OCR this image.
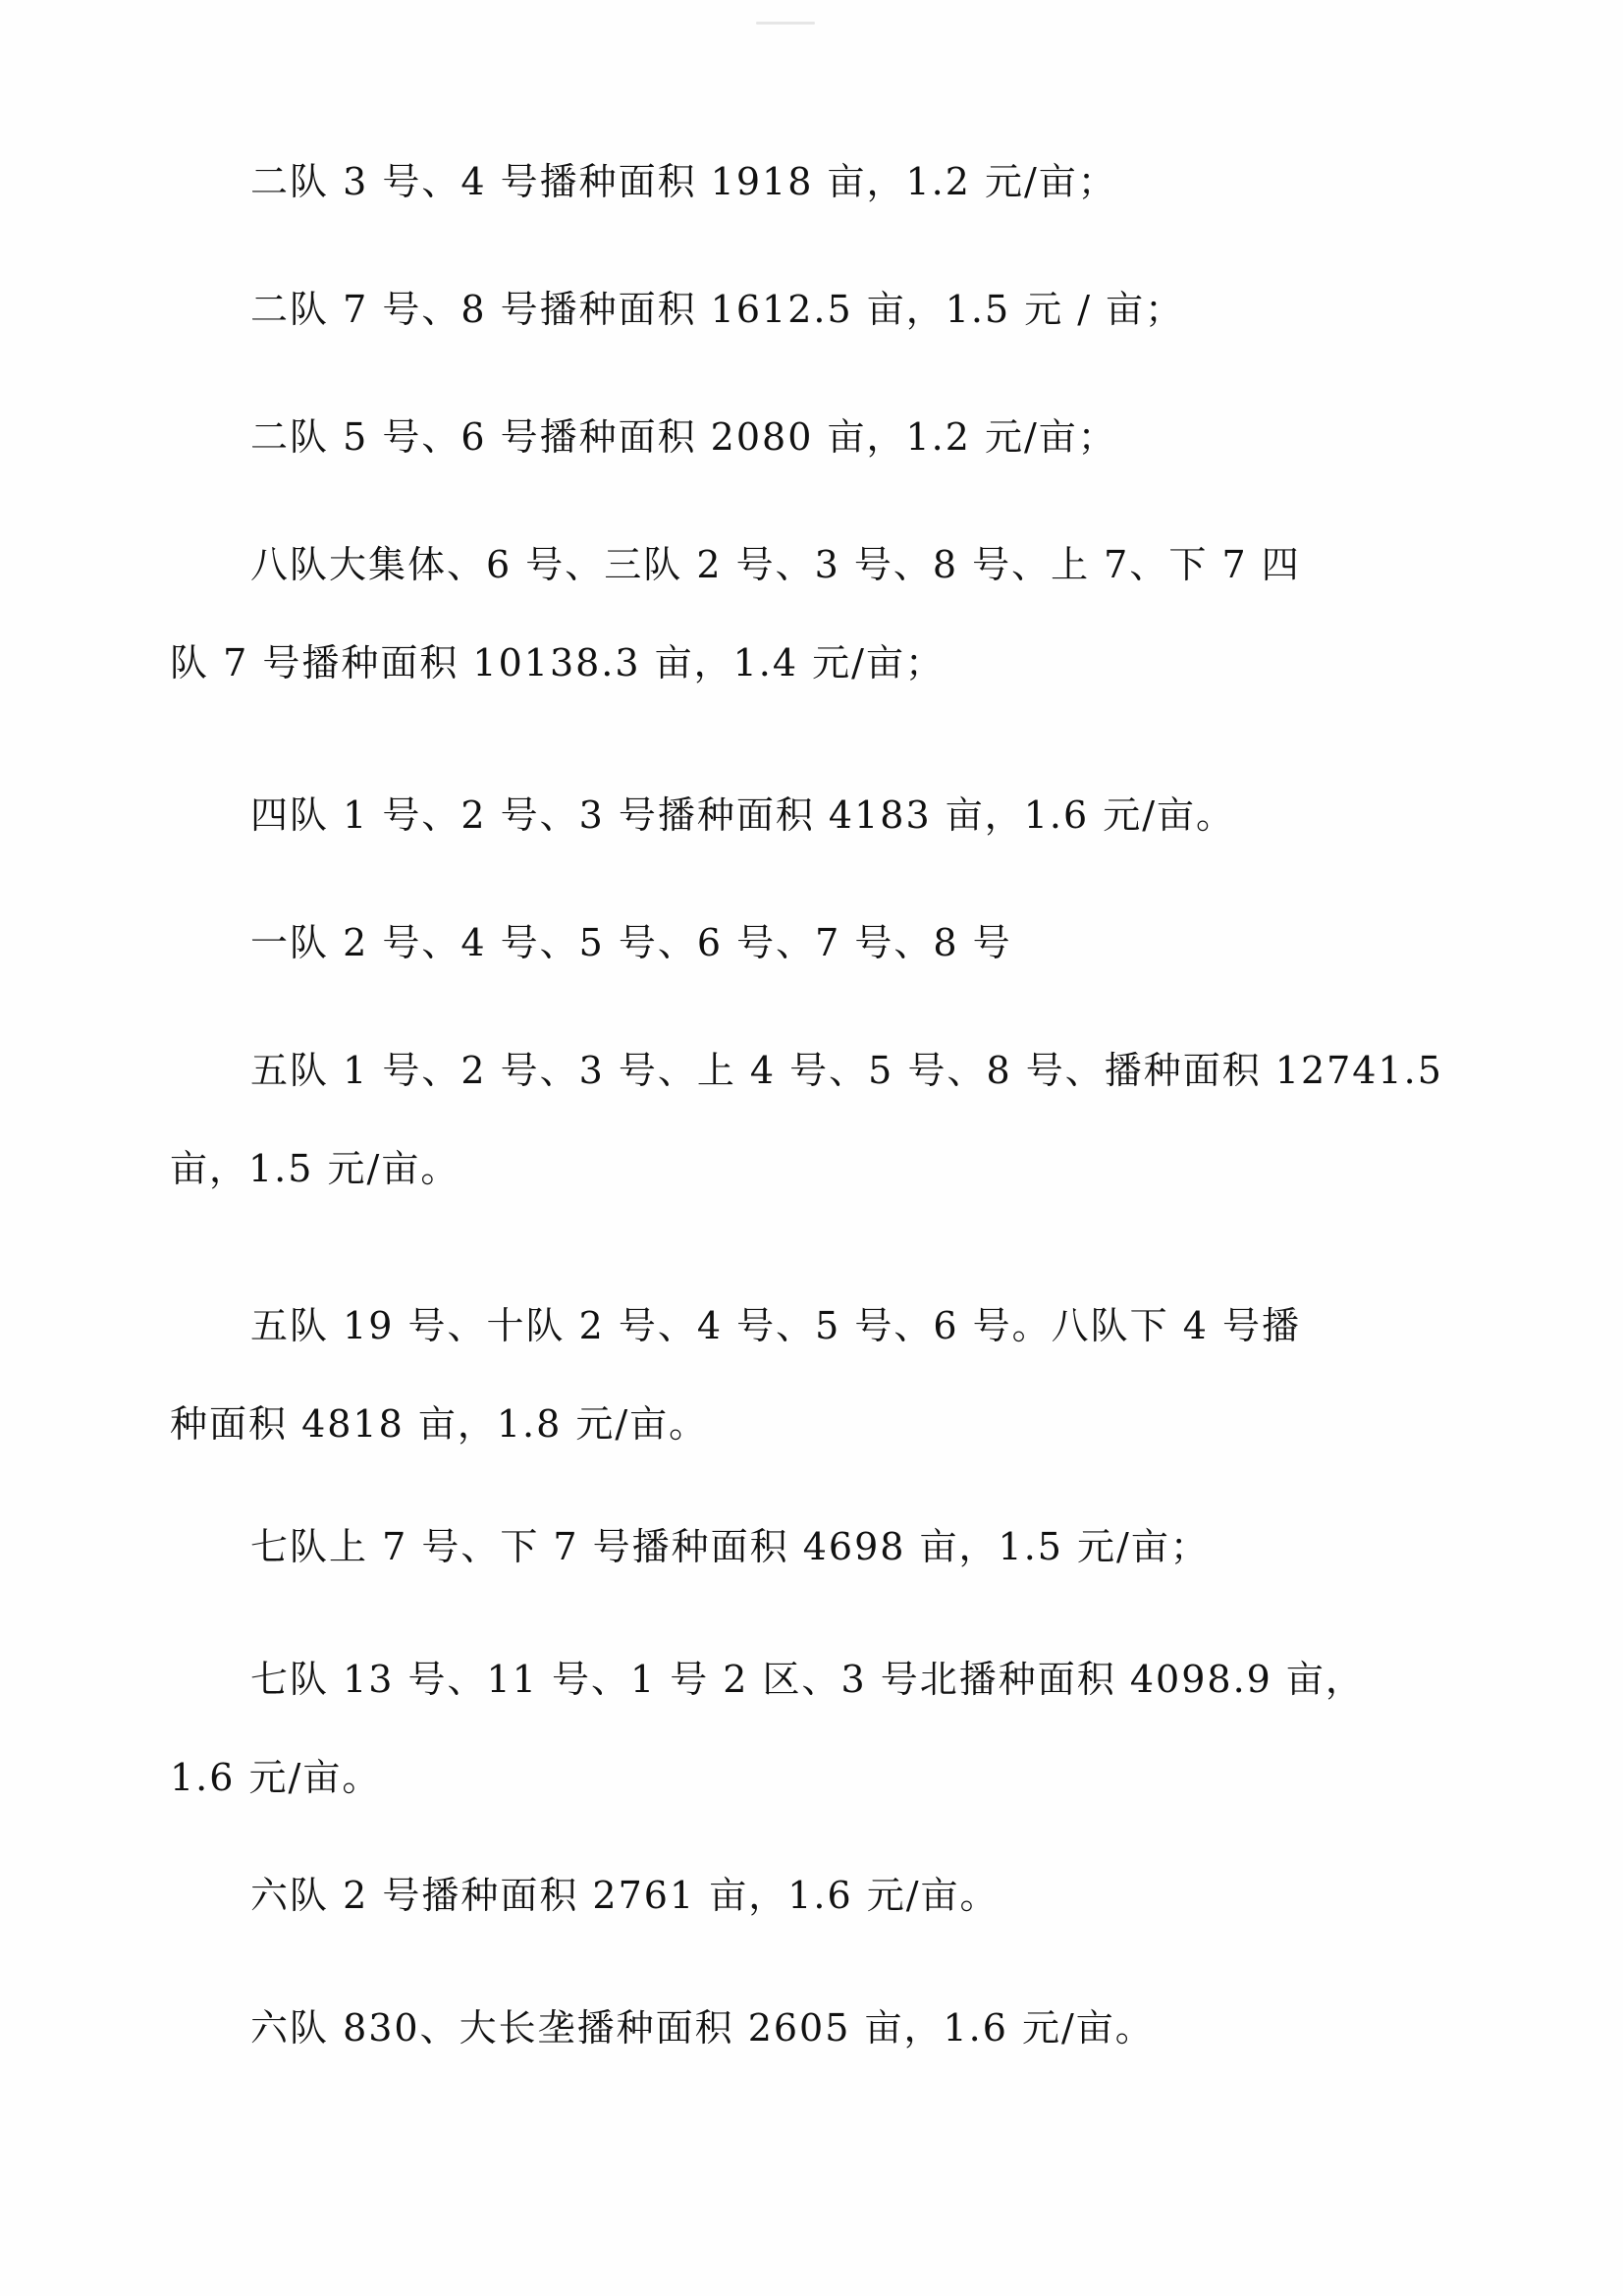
二队 3 号、4 号播种面积 1918 亩，1.2 元/亩；

二队 7 号、8 号播种面积 1612.5 亩，1.5 元 / 亩；

二队 5 号、6 号播种面积 2080 亩，1.2 元/亩；

八队大集体、6 号、三队 2 号、3 号、8 号、上 7、下 7 四
队 7 号播种面积 10138.3 亩，1.4 元/亩；

四队 1 号、2 号、3 号播种面积 4183 亩，1.6 元/亩。

一队 2 号、4 号、5 号、6 号、7 号、8 号

五队 1 号、2 号、3 号、上 4 号、5 号、8 号、播种面积 12741.5
亩，1.5 元/亩。

五队 19 号、十队 2 号、4 号、5 号、6 号。八队下 4 号播
种面积 4818 亩，1.8 元/亩。

七队上 7 号、下 7 号播种面积 4698 亩，1.5 元/亩；

七队 13 号、11 号、1 号 2 区、3 号北播种面积 4098.9 亩，
1.6 元/亩。

六队 2 号播种面积 2761 亩，1.6 元/亩。

六队 830、大长垄播种面积 2605 亩，1.6 元/亩。
